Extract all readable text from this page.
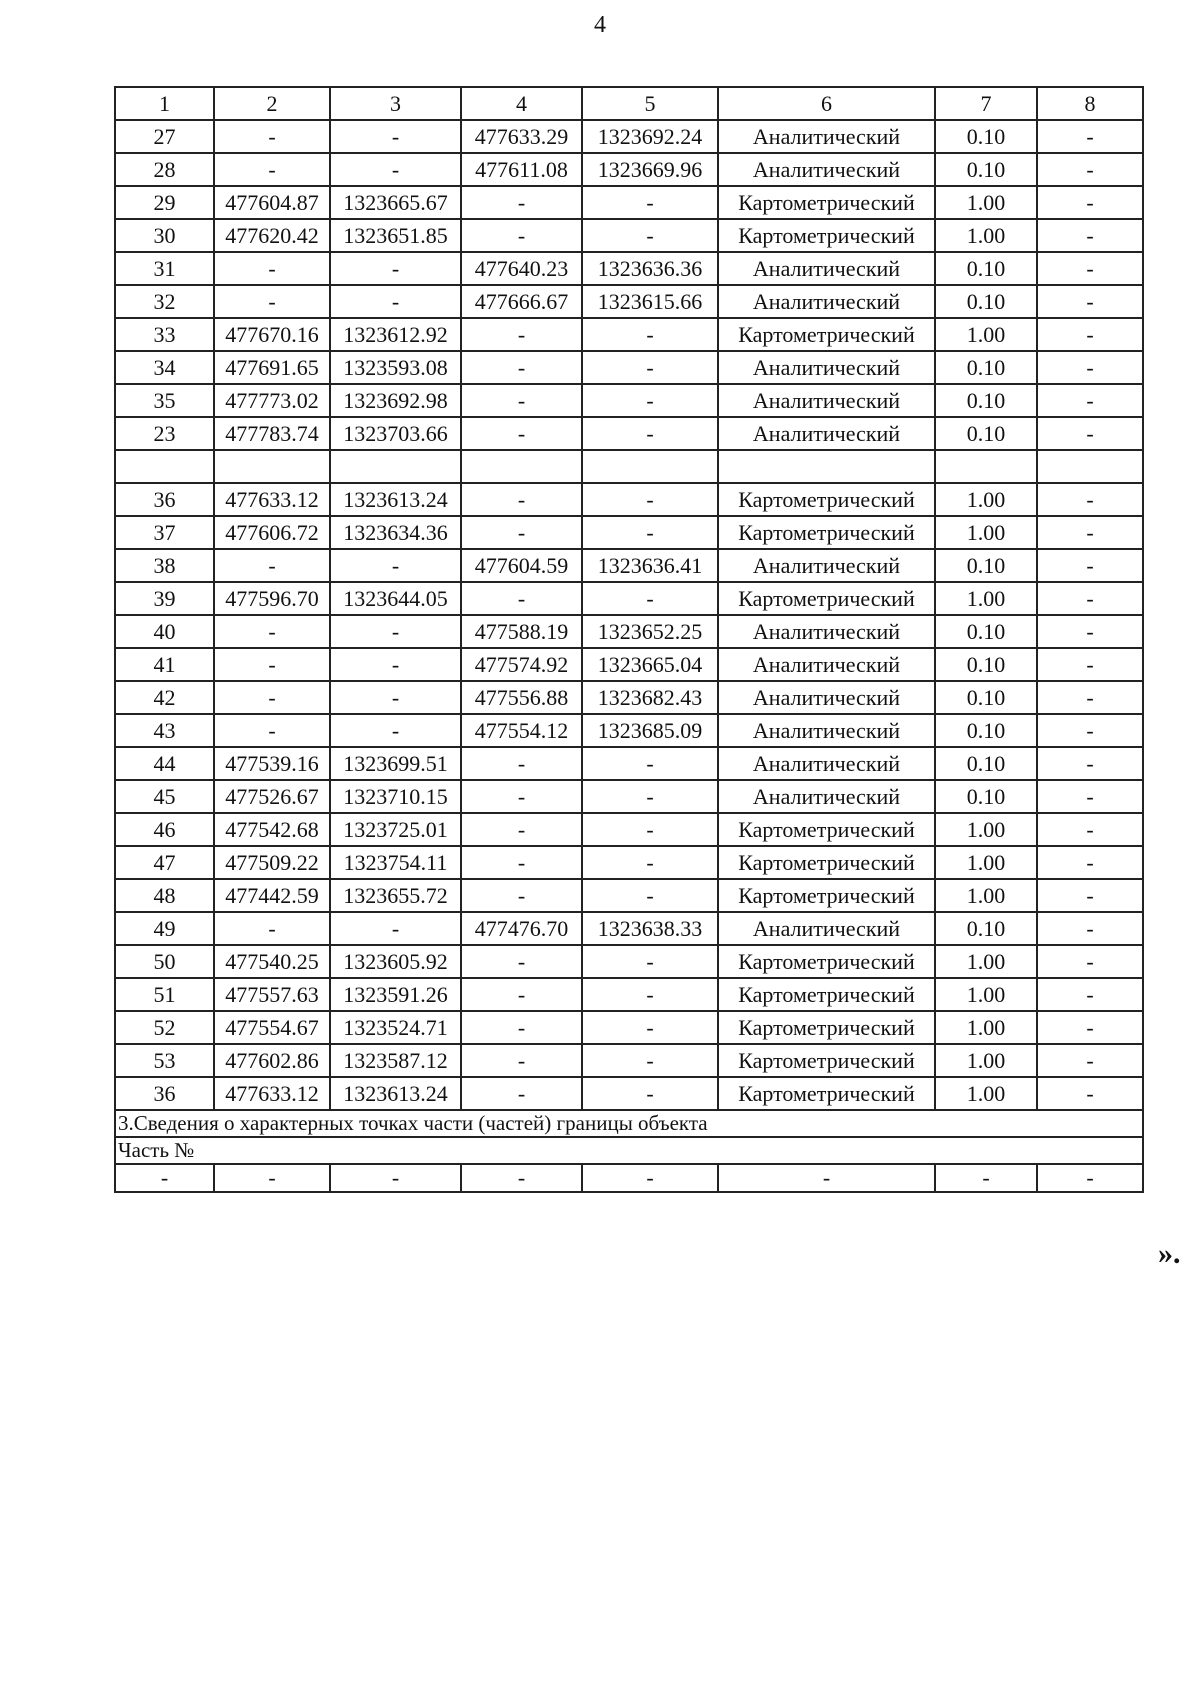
4
1	2	3	4	5	6	7	8
27	-	-	477633.29	1323692.24	Аналитический	0.10	-
28	-	-	477611.08	1323669.96	Аналитический	0.10	-
29	477604.87	1323665.67	-	-	Картометрический	1.00	-
30	477620.42	1323651.85	-	-	Картометрический	1.00	-
31	-	-	477640.23	1323636.36	Аналитический	0.10	-
32	-	-	477666.67	1323615.66	Аналитический	0.10	-
33	477670.16	1323612.92	-	-	Картометрический	1.00	-
34	477691.65	1323593.08	-	-	Аналитический	0.10	-
35	477773.02	1323692.98	-	-	Аналитический	0.10	-
23	477783.74	1323703.66	-	-	Аналитический	0.10	-

36	477633.12	1323613.24	-	-	Картометрический	1.00	-
37	477606.72	1323634.36	-	-	Картометрический	1.00	-
38	-	-	477604.59	1323636.41	Аналитический	0.10	-
39	477596.70	1323644.05	-	-	Картометрический	1.00	-
40	-	-	477588.19	1323652.25	Аналитический	0.10	-
41	-	-	477574.92	1323665.04	Аналитический	0.10	-
42	-	-	477556.88	1323682.43	Аналитический	0.10	-
43	-	-	477554.12	1323685.09	Аналитический	0.10	-
44	477539.16	1323699.51	-	-	Аналитический	0.10	-
45	477526.67	1323710.15	-	-	Аналитический	0.10	-
46	477542.68	1323725.01	-	-	Картометрический	1.00	-
47	477509.22	1323754.11	-	-	Картометрический	1.00	-
48	477442.59	1323655.72	-	-	Картометрический	1.00	-
49	-	-	477476.70	1323638.33	Аналитический	0.10	-
50	477540.25	1323605.92	-	-	Картометрический	1.00	-
51	477557.63	1323591.26	-	-	Картометрический	1.00	-
52	477554.67	1323524.71	-	-	Картометрический	1.00	-
53	477602.86	1323587.12	-	-	Картометрический	1.00	-
36	477633.12	1323613.24	-	-	Картометрический	1.00	-
3.Сведения о характерных точках части (частей) границы объекта							
Часть №							
-	-	-	-	-	-	-	-
».
